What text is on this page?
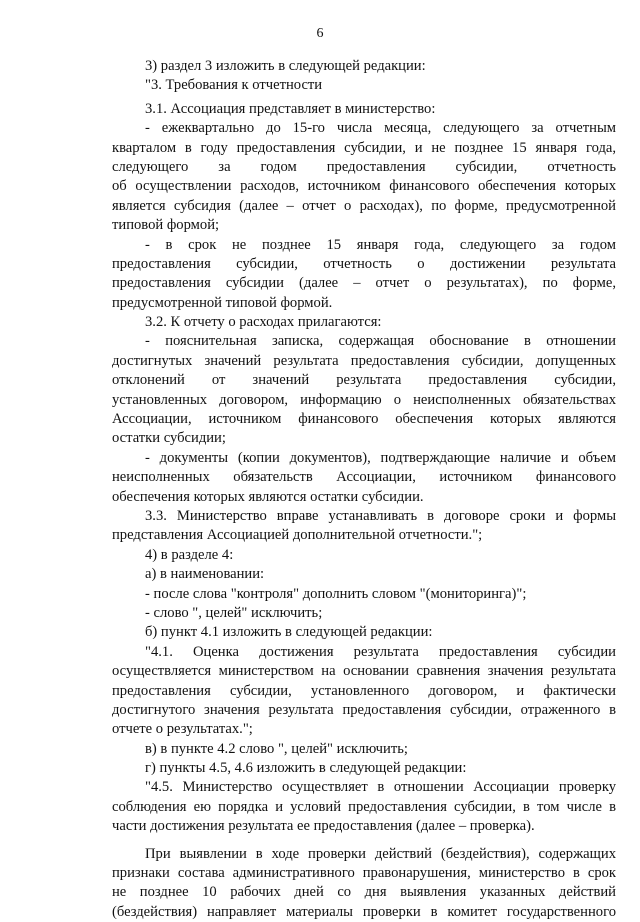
6
3) раздел 3 изложить в следующей редакции:
"3. Требования к отчетности
3.1. Ассоциация представляет в министерство:
- ежеквартально до 15-го числа месяца, следующего за отчетным
кварталом в году предоставления субсидии, и не позднее 15 января года,
следующего за годом предоставления субсидии, отчетность
об осуществлении расходов, источником финансового обеспечения которых
является субсидия (далее – отчет о расходах), по форме, предусмотренной
типовой формой;
- в срок не позднее 15 января года, следующего за годом
предоставления субсидии, отчетность о достижении результата
предоставления субсидии (далее – отчет о результатах), по форме,
предусмотренной типовой формой.
3.2. К отчету о расходах прилагаются:
- пояснительная записка, содержащая обоснование в отношении
достигнутых значений результата предоставления субсидии, допущенных
отклонений от значений результата предоставления субсидии,
установленных договором, информацию о неисполненных обязательствах
Ассоциации, источником финансового обеспечения которых являются
остатки субсидии;
- документы (копии документов), подтверждающие наличие и объем
неисполненных обязательств Ассоциации, источником финансового
обеспечения которых являются остатки субсидии.
3.3. Министерство вправе устанавливать в договоре сроки и формы
представления Ассоциацией дополнительной отчетности.";
4) в разделе 4:
а) в наименовании:
- после слова "контроля" дополнить словом "(мониторинга)";
- слово ", целей" исключить;
б) пункт 4.1 изложить в следующей редакции:
"4.1. Оценка достижения результата предоставления субсидии
осуществляется министерством на основании сравнения значения результата
предоставления субсидии, установленного договором, и фактически
достигнутого значения результата предоставления субсидии, отраженного в
отчете о результатах.";
в) в пункте 4.2 слово ", целей" исключить;
г) пункты 4.5, 4.6 изложить в следующей редакции:
"4.5. Министерство осуществляет в отношении Ассоциации проверку
соблюдения ею порядка и условий предоставления субсидии, в том числе в
части достижения результата ее предоставления (далее – проверка).
При выявлении в ходе проверки действий (бездействия), содержащих
признаки состава административного правонарушения, министерство в срок
не позднее 10 рабочих дней со дня выявления указанных действий
(бездействия) направляет материалы проверки в комитет государственного
